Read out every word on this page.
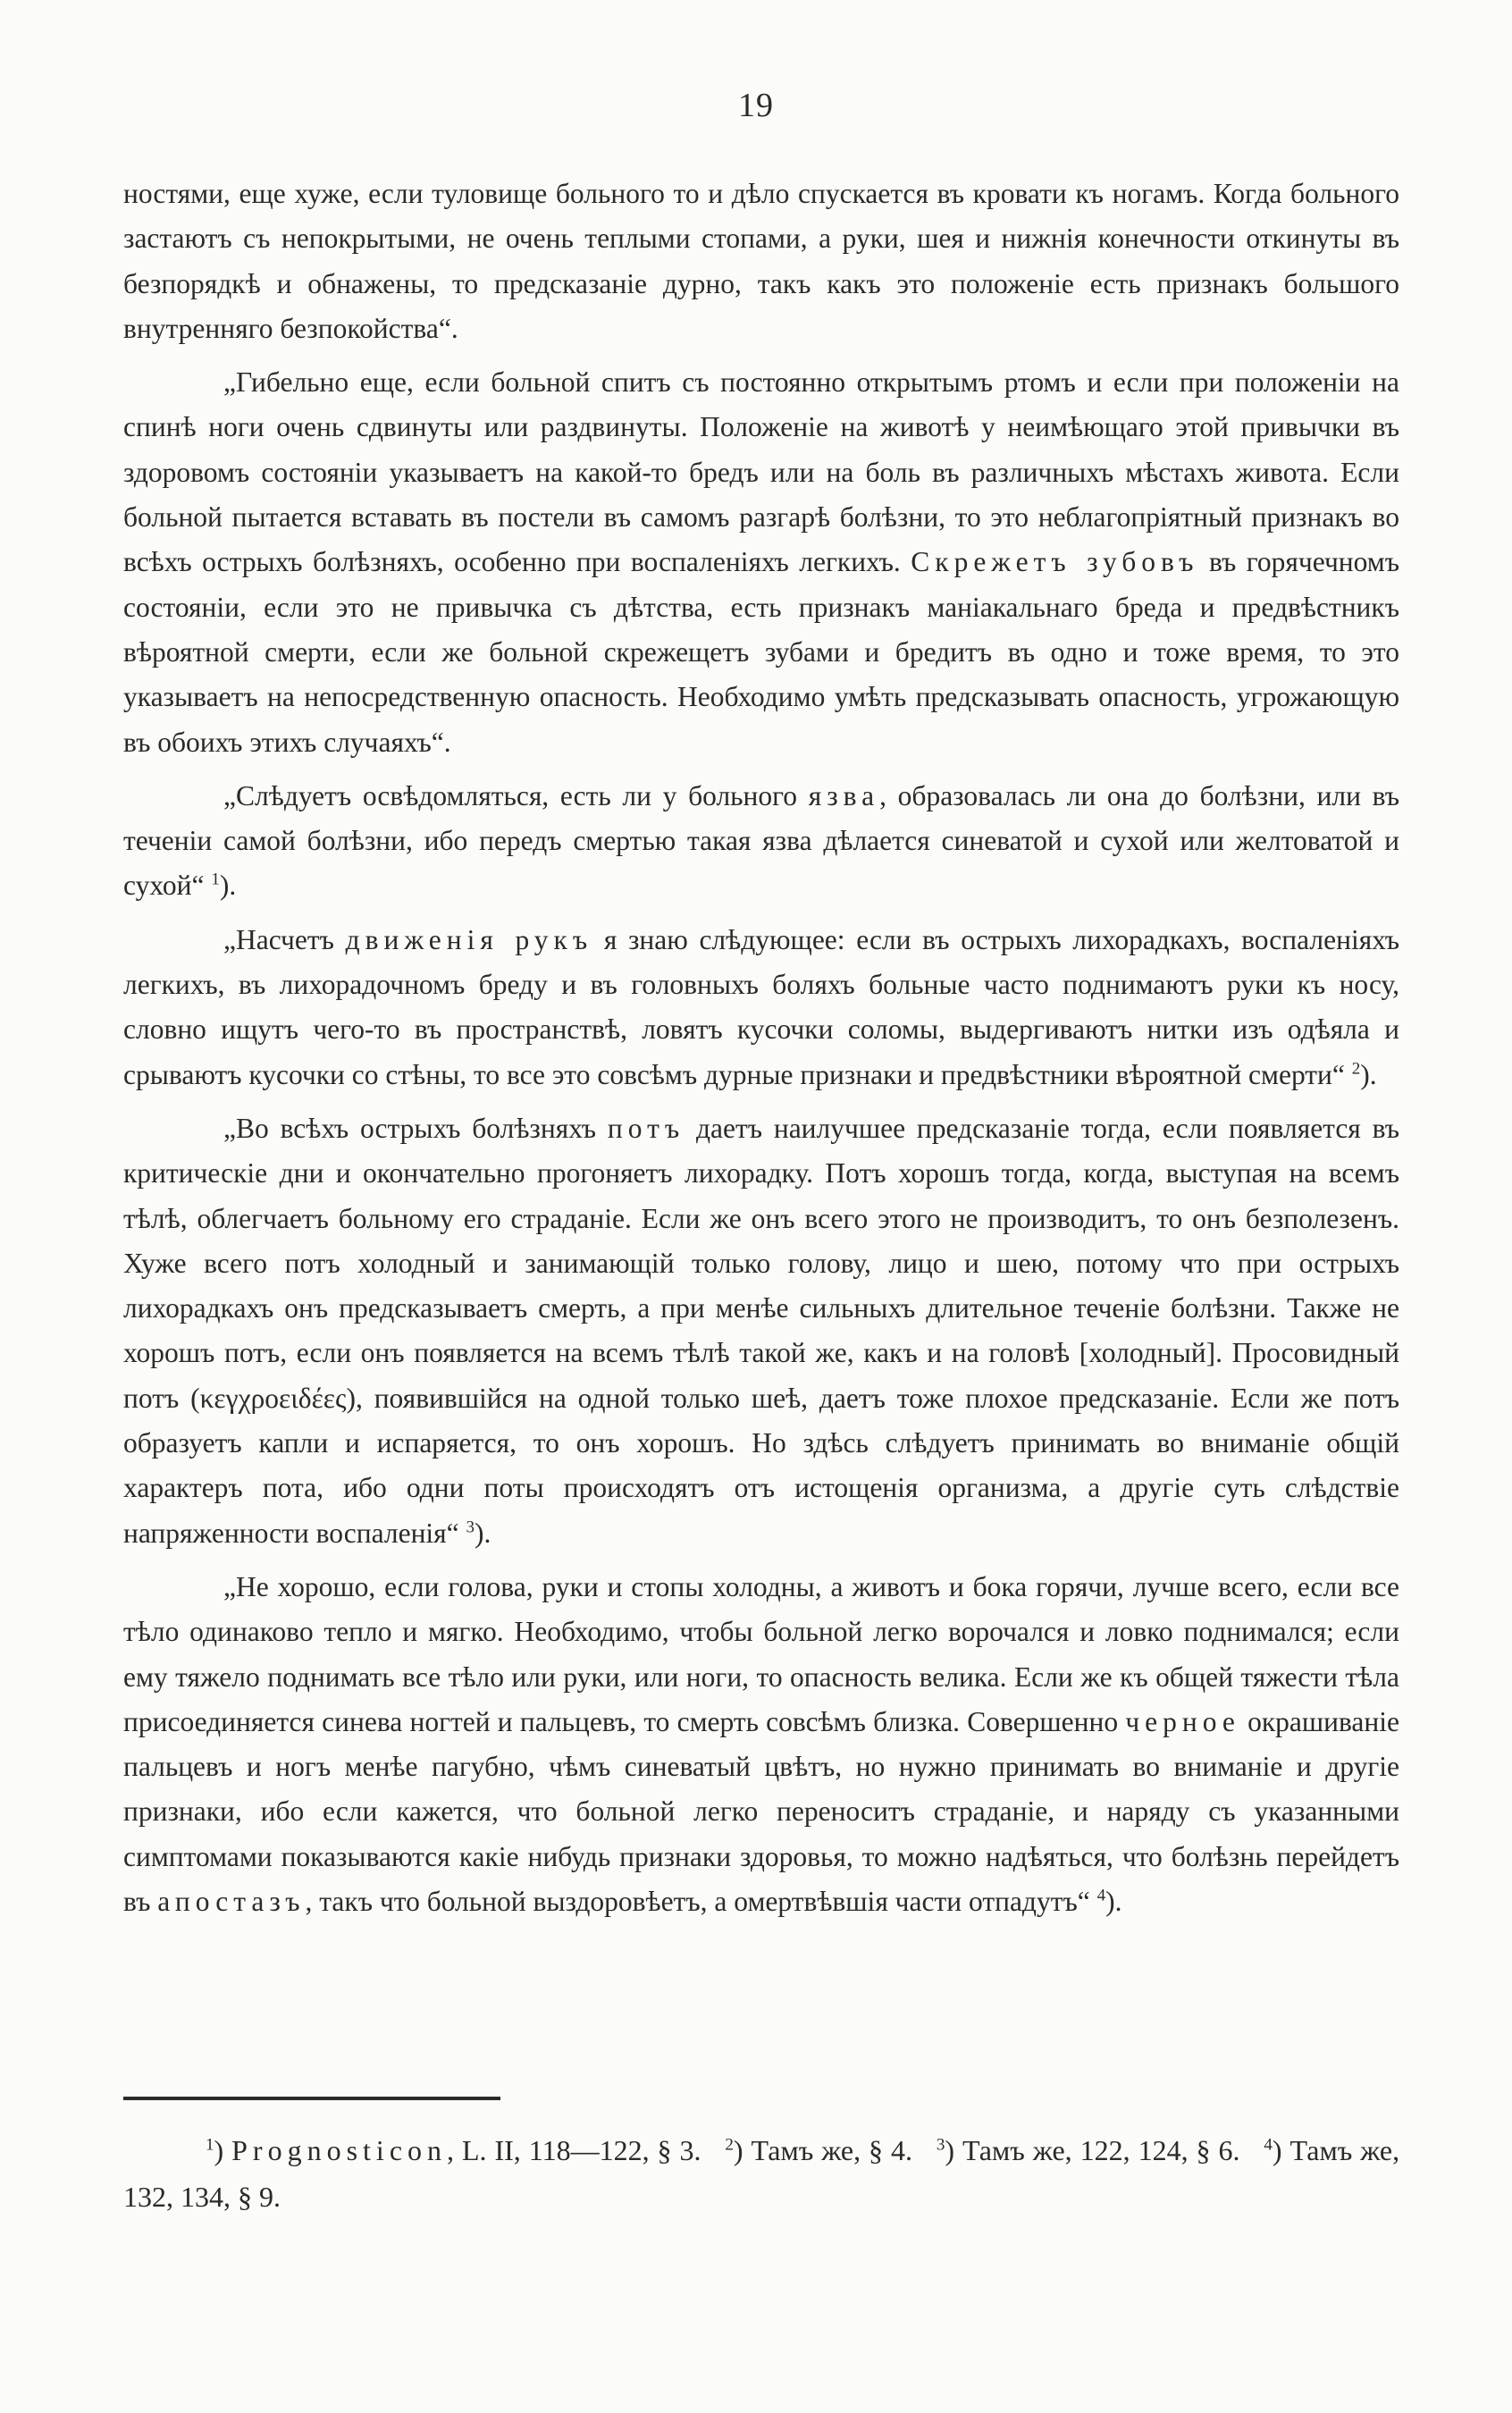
19

ностями, еще хуже, если туловище больного то и дѣло спускается въ кровати къ ногамъ. Когда больного застаютъ съ непокрытыми, не очень теплыми стопами, а руки, шея и нижнія конечности откинуты въ безпорядкѣ и обнажены, то предсказаніе дурно, такъ какъ это положеніе есть признакъ большого внутренняго безпокойства“.

„Гибельно еще, если больной спитъ съ постоянно открытымъ ртомъ и если при положеніи на спинѣ ноги очень сдвинуты или раздвинуты. Положеніе на животѣ у неимѣющаго этой привычки въ здоровомъ состояніи указываетъ на какой-то бредъ или на боль въ различныхъ мѣстахъ живота. Если больной пытается вставать въ постели въ самомъ разгарѣ болѣзни, то это неблагопріятный признакъ во всѣхъ острыхъ болѣзняхъ, особенно при воспаленіяхъ легкихъ. Скрежетъ зубовъ въ горячечномъ состояніи, если это не привычка съ дѣтства, есть признакъ маніакальнаго бреда и предвѣстникъ вѣроятной смерти, если же больной скрежещетъ зубами и бредитъ въ одно и тоже время, то это указываетъ на непосредственную опасность. Необходимо умѣть предсказывать опасность, угрожающую въ обоихъ этихъ случаяхъ“.

„Слѣдуетъ освѣдомляться, есть ли у больного язва, образовалась ли она до болѣзни, или въ теченіи самой болѣзни, ибо передъ смертью такая язва дѣлается синеватой и сухой или желтоватой и сухой“ $^1$).

„Насчетъ движенія рукъ я знаю слѣдующее: если въ острыхъ лихорадкахъ, воспаленіяхъ легкихъ, въ лихорадочномъ бреду и въ головныхъ боляхъ больные часто поднимаютъ руки къ носу, словно ищутъ чего-то въ пространствѣ, ловятъ кусочки соломы, выдергиваютъ нитки изъ одѣяла и срываютъ кусочки со стѣны, то все это совсѣмъ дурные признаки и предвѣстники вѣроятной смерти“ $^2$).

„Во всѣхъ острыхъ болѣзняхъ потъ даетъ наилучшее предсказаніе тогда, если появляется въ критическіе дни и окончательно прогоняетъ лихорадку. Потъ хорошъ тогда, когда, выступая на всемъ тѣлѣ, облегчаетъ больному его страданіе. Если же онъ всего этого не производитъ, то онъ безполезенъ. Хуже всего потъ холодный и занимающій только голову, лицо и шею, потому что при острыхъ лихорадкахъ онъ предсказываетъ смерть, а при менѣе сильныхъ длительное теченіе болѣзни. Также не хорошъ потъ, если онъ появляется на всемъ тѣлѣ такой же, какъ и на головѣ [холодный]. Просовидный потъ (κεγχροειδέες), появившійся на одной только шеѣ, даетъ тоже плохое предсказаніе. Если же потъ образуетъ капли и испаряется, то онъ хорошъ. Но здѣсь слѣдуетъ принимать во вниманіе общій характеръ пота, ибо одни поты происходятъ отъ истощенія организма, а другіе суть слѣдствіе напряженности воспаленія“ $^3$).

„Не хорошо, если голова, руки и стопы холодны, а животъ и бока горячи, лучше всего, если все тѣло одинаково тепло и мягко. Необходимо, чтобы больной легко ворочался и ловко поднимался; если ему тяжело поднимать все тѣло или руки, или ноги, то опасность велика. Если же къ общей тяжести тѣла присоединяется синева ногтей и пальцевъ, то смерть совсѣмъ близка. Совершенно черное окрашиваніе пальцевъ и ногъ менѣе пагубно, чѣмъ синеватый цвѣтъ, но нужно принимать во вниманіе и другіе признаки, ибо если кажется, что больной легко переноситъ страданіе, и наряду съ указанными симптомами показываются какіе нибудь признаки здоровья, то можно надѣяться, что болѣзнь перейдетъ въ апостазъ, такъ что больной выздоровѣетъ, а омертвѣвшія части отпадутъ“ $^4$).

$^1$) Prognosticon, L. II, 118—122, § 3. $^2$) Тамъ же, § 4. $^3$) Тамъ же, 122, 124, § 6. $^4$) Тамъ же, 132, 134, § 9.
